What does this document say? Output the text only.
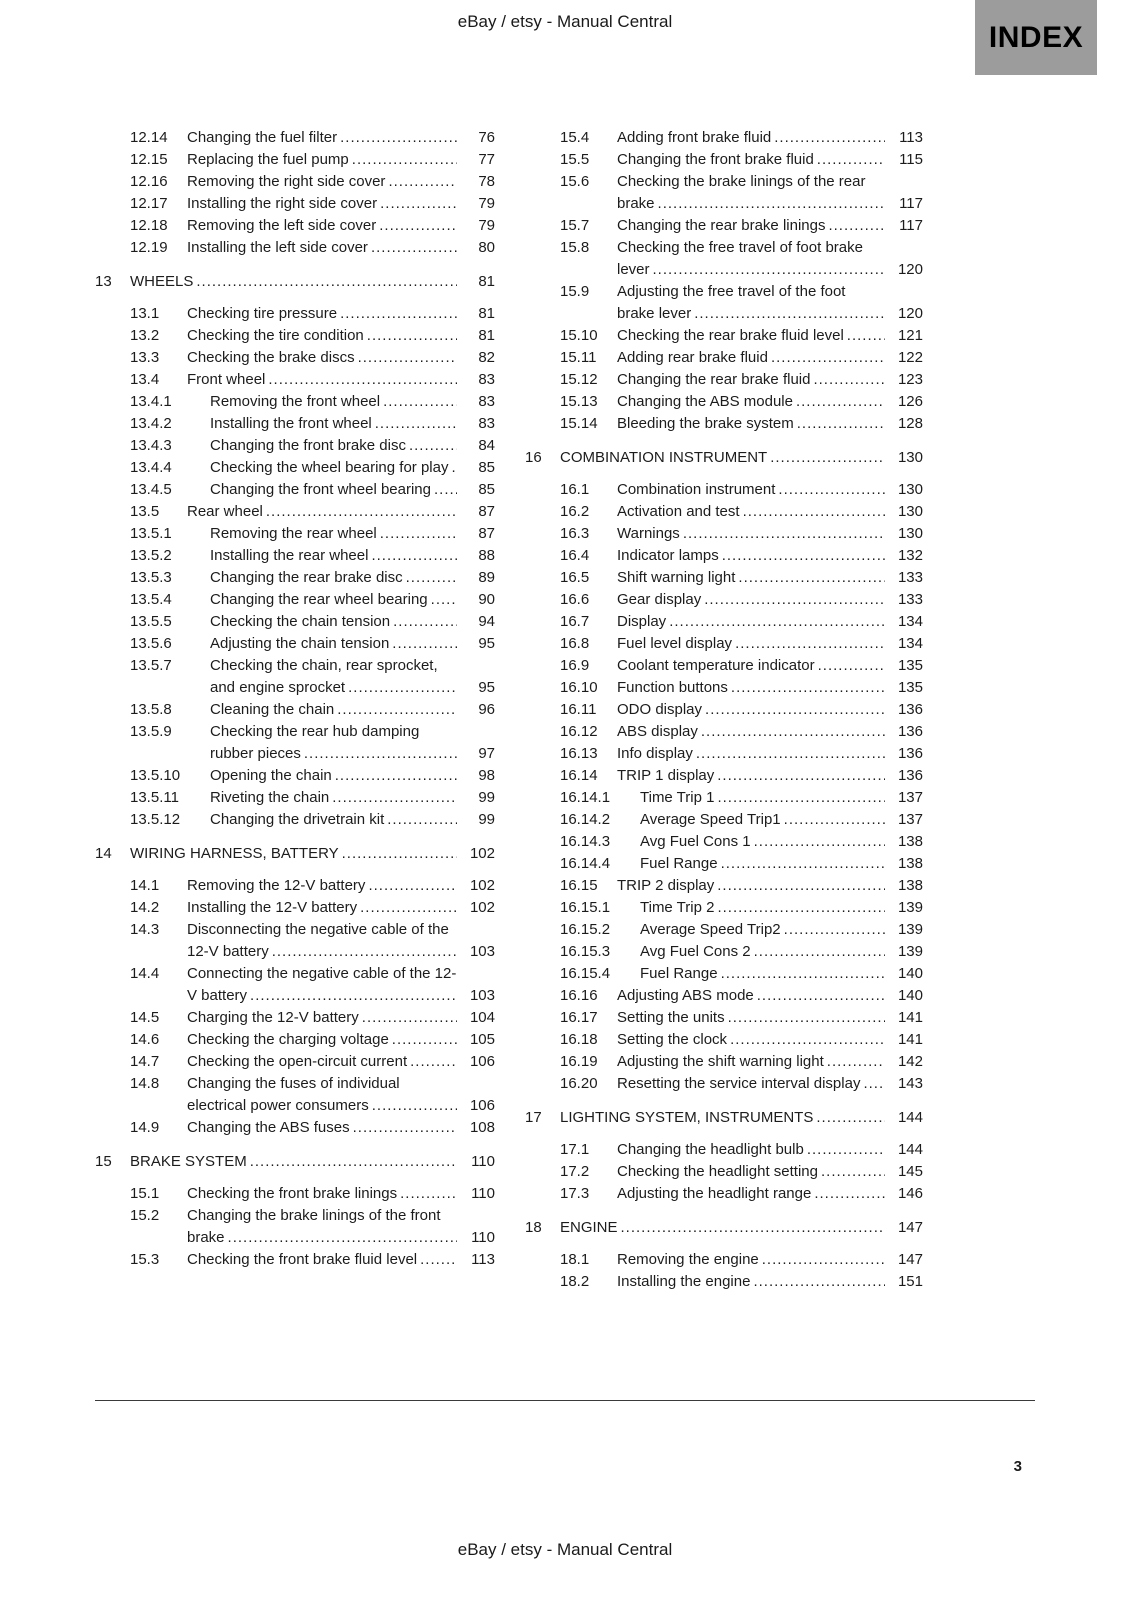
eBay / etsy - Manual Central	INDEX
12.14	Changing the fuel filter .....	76
12.15	Replacing the fuel pump .....	77
12.16	Removing the right side cover .....	78
12.17	Installing the right side cover .....	79
12.18	Removing the left side cover .....	79
12.19	Installing the left side cover .....	80
13	WHEELS .....	81
13.1	Checking tire pressure .....	81
13.2	Checking the tire condition .....	81
13.3	Checking the brake discs .....	82
13.4	Front wheel .....	83
13.4.1	Removing the front wheel .....	83
13.4.2	Installing the front wheel .....	83
13.4.3	Changing the front brake disc .....	84
13.4.4	Checking the wheel bearing for play .....	85
13.4.5	Changing the front wheel bearing .....	85
13.5	Rear wheel .....	87
13.5.1	Removing the rear wheel .....	87
13.5.2	Installing the rear wheel .....	88
13.5.3	Changing the rear brake disc .....	89
13.5.4	Changing the rear wheel bearing .....	90
13.5.5	Checking the chain tension .....	94
13.5.6	Adjusting the chain tension .....	95
13.5.7	Checking the chain, rear sprocket, and engine sprocket .....	95
13.5.8	Cleaning the chain .....	96
13.5.9	Checking the rear hub damping rubber pieces .....	97
13.5.10	Opening the chain .....	98
13.5.11	Riveting the chain .....	99
13.5.12	Changing the drivetrain kit .....	99
14	WIRING HARNESS, BATTERY .....	102
14.1	Removing the 12-V battery .....	102
14.2	Installing the 12-V battery .....	102
14.3	Disconnecting the negative cable of the 12-V battery .....	103
14.4	Connecting the negative cable of the 12-V battery .....	103
14.5	Charging the 12-V battery .....	104
14.6	Checking the charging voltage .....	105
14.7	Checking the open-circuit current .....	106
14.8	Changing the fuses of individual electrical power consumers .....	106
14.9	Changing the ABS fuses .....	108
15	BRAKE SYSTEM .....	110
15.1	Checking the front brake linings .....	110
15.2	Changing the brake linings of the front brake .....	110
15.3	Checking the front brake fluid level .....	113
15.4	Adding front brake fluid .....	113
15.5	Changing the front brake fluid .....	115
15.6	Checking the brake linings of the rear brake .....	117
15.7	Changing the rear brake linings .....	117
15.8	Checking the free travel of foot brake lever .....	120
15.9	Adjusting the free travel of the foot brake lever .....	120
15.10	Checking the rear brake fluid level .....	121
15.11	Adding rear brake fluid .....	122
15.12	Changing the rear brake fluid .....	123
15.13	Changing the ABS module .....	126
15.14	Bleeding the brake system .....	128
16	COMBINATION INSTRUMENT .....	130
16.1	Combination instrument .....	130
16.2	Activation and test .....	130
16.3	Warnings .....	130
16.4	Indicator lamps .....	132
16.5	Shift warning light .....	133
16.6	Gear display .....	133
16.7	Display .....	134
16.8	Fuel level display .....	134
16.9	Coolant temperature indicator .....	135
16.10	Function buttons .....	135
16.11	ODO display .....	136
16.12	ABS display .....	136
16.13	Info display .....	136
16.14	TRIP 1 display .....	136
16.14.1	Time Trip 1 .....	137
16.14.2	Average Speed Trip1 .....	137
16.14.3	Avg Fuel Cons 1 .....	138
16.14.4	Fuel Range .....	138
16.15	TRIP 2 display .....	138
16.15.1	Time Trip 2 .....	139
16.15.2	Average Speed Trip2 .....	139
16.15.3	Avg Fuel Cons 2 .....	139
16.15.4	Fuel Range .....	140
16.16	Adjusting ABS mode .....	140
16.17	Setting the units .....	141
16.18	Setting the clock .....	141
16.19	Adjusting the shift warning light .....	142
16.20	Resetting the service interval display .....	143
17	LIGHTING SYSTEM, INSTRUMENTS .....	144
17.1	Changing the headlight bulb .....	144
17.2	Checking the headlight setting .....	145
17.3	Adjusting the headlight range .....	146
18	ENGINE .....	147
18.1	Removing the engine .....	147
18.2	Installing the engine .....	151
3
eBay / etsy - Manual Central
